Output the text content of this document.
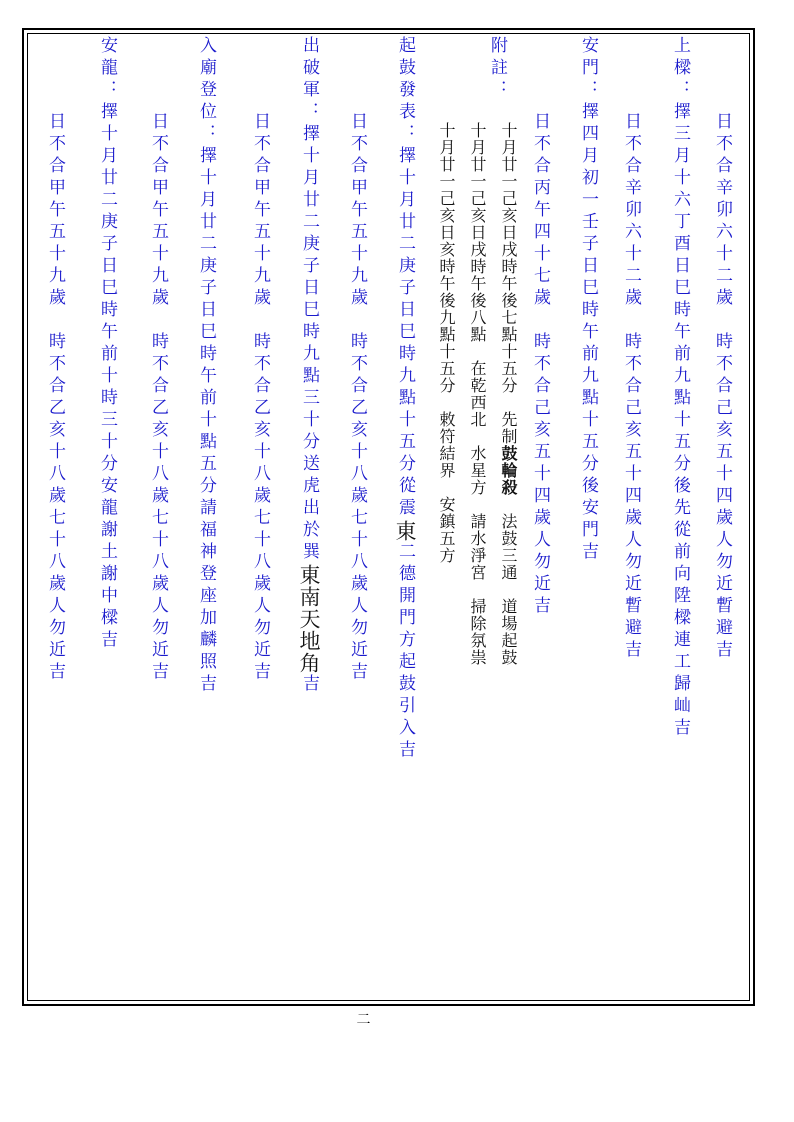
日不合辛卯六十二歲　時不合己亥五十四歲人勿近暫避吉
上樑：擇三月十六丁酉日巳時午前九點十五分後先從前向陞樑連工歸屾吉
日不合辛卯六十二歲　時不合己亥五十四歲人勿近暫避吉
安門：擇四月初一壬子日巳時午前九點十五分後安門吉
日不合丙午四十七歲　時不合己亥五十四歲人勿近吉
附註：
十月廿一己亥日戌時午後七點十五分　先制鼓輪殺　法鼓三通　道場起鼓
十月廿一己亥日戌時午後八點　在乾西北　水星方　請水淨宮　掃除氛祟
十月廿一己亥日亥時午後九點十五分　敕符結界　安鎮五方
起鼓發表：擇十月廿二庚子日巳時九點十五分從震東二德開門方起鼓引入吉
日不合甲午五十九歲　時不合乙亥十八歲七十八歲人勿近吉
出破軍：擇十月廿二庚子日巳時九點三十分送虎出於巽東南天地角吉
日不合甲午五十九歲　時不合乙亥十八歲七十八歲人勿近吉
入廟登位：擇十月廿二庚子日巳時午前十點五分請福神登座加麟照吉
日不合甲午五十九歲　時不合乙亥十八歲七十八歲人勿近吉
安龍：擇十月廿二庚子日巳時午前十時三十分安龍謝土謝中樑吉
日不合甲午五十九歲　時不合乙亥十八歲七十八歲人勿近吉
二
